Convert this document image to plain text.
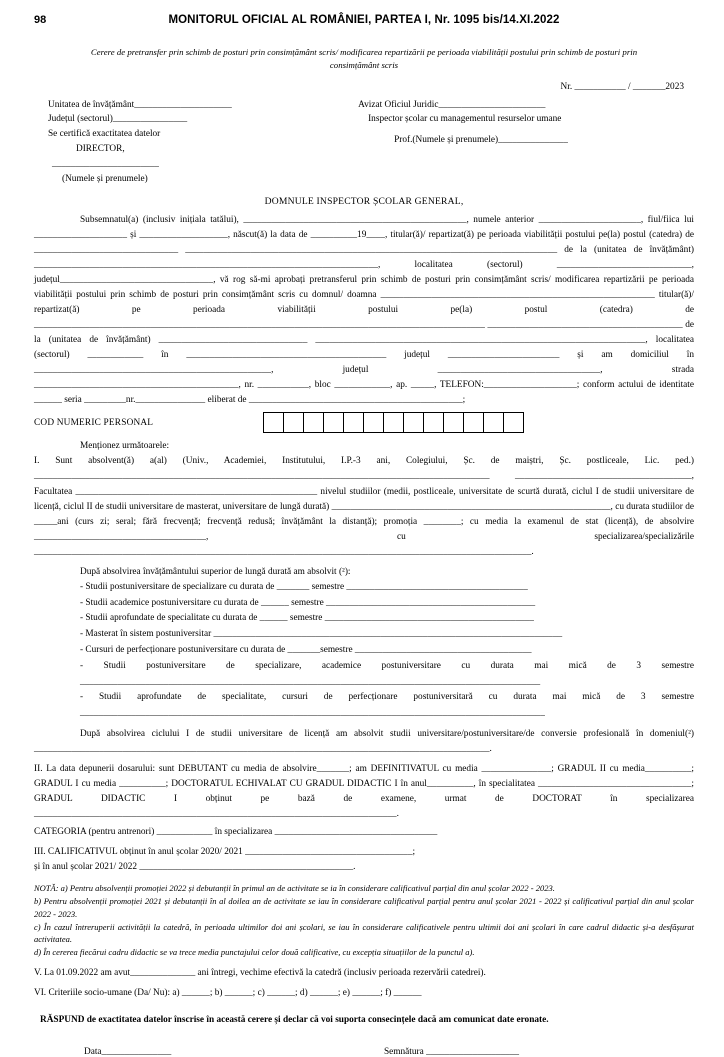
98	MONITORUL OFICIAL AL ROMÂNIEI, PARTEA I, Nr. 1095 bis/14.XI.2022
Cerere de pretransfer prin schimb de posturi prin consimțământ scris/ modificarea repartizării pe perioada viabilității postului prin schimb de posturi prin
consimțământ scris
Nr. ___________ / _______2023
Unitatea de învățământ_____________________
Județul (sectorul)________________
Se certifică exactitatea datelor
DIRECTOR,
_______________________
(Numele și prenumele)
Avizat Oficiul Juridic_______________________
Inspector școlar cu managementul resurselor umane
Prof.(Numele și prenumele)_______________
DOMNULE INSPECTOR ȘCOLAR GENERAL,
Subsemnatul(a) (inclusiv inițiala tatălui), ________________________________________________, numele anterior ______________________, fiul/fiica lui ____________________ și ___________________, născut(ă) la data de __________19____, titular(ă)/ repartizat(ă) pe perioada viabilității postului pe(la) postul (catedra) de _______________________________ ________________________________________________________________________________ de la (unitatea de învățământ) __________________________________________________________________________, localitatea (sectorul) _____________________________, județul_________________________________, vă rog să-mi aprobați pretransferul prin schimb de posturi prin consimțământ scris/ modificarea repartizării pe perioada viabilității postului prin schimb de posturi prin consimțământ scris cu domnul/ doamna ___________________________________________________________ titular(ă)/ repartizat(ă) pe perioada viabilității postului pe(la) postul (catedra) de _________________________________________________________________________________________________ __________________________________________ de la (unitatea de învățământ) ________________________________ _______________________________________________________________________, localitatea (sectorul) ____________ în ___________________________________________ județul ________________________ și am domiciliul în ___________________________________________________, județul ___________________________________, strada ____________________________________________, nr. ___________, bloc ____________, ap. _____, TELEFON:____________________; conform actului de identitate ______ seria _________nr._______________ eliberat de ______________________________________________;
COD NUMERIC PERSONAL
Menționez următoarele:
I. Sunt absolvent(ă) a(al) (Univ., Academiei, Institutului, I.P.-3 ani, Colegiului, Șc. de maiștri, Șc. postliceale, Lic. ped.) __________________________________________________________________________________________________ ______________________________________, Facultatea ____________________________________________________ nivelul studiilor (medii, postliceale, universitate de scurtă durată, ciclul I de studii universitare de licență, ciclul II de studii universitare de masterat, universitare de lungă durată) ____________________________________________________________, cu durata studiilor de _____ani (curs zi; seral; fără frecvență; frecvență redusă; învățământ la distanță); promoția ________; cu media la examenul de stat (licență), de absolvire _____________________________________, cu specializarea/specializările ___________________________________________________________________________________________________________.
După absolvirea învățământului superior de lungă durată am absolvit (²):
- Studii postuniversitare de specializare cu durata de _______ semestre _______________________________________
- Studii academice postuniversitare cu durata de ______ semestre _____________________________________________
- Studii aprofundate de specialitate cu durata de ______ semestre _____________________________________________
- Masterat în sistem postuniversitar ___________________________________________________________________________
- Cursuri de perfecționare postuniversitare cu durata de _______semestre ______________________________________
- Studii postuniversitare de specializare, academice postuniversitare cu durata mai mică de 3 semestre ___________________________________________________________________________________________________
- Studii aprofundate de specialitate, cursuri de perfecționare postuniversitară cu durata mai mică de 3 semestre ____________________________________________________________________________________________________
După absolvirea ciclului I de studii universitare de licență am absolvit studii universitare/postuniversitare/de conversie profesională în domeniul(²) __________________________________________________________________________________________________.
II. La data depunerii dosarului: sunt DEBUTANT cu media de absolvire_______; am DEFINITIVATUL cu media _______________; GRADUL II cu media__________; GRADUL I cu media __________; DOCTORATUL ECHIVALAT CU GRADUL DIDACTIC I în anul__________, în specialitatea _________________________________; GRADUL DIDACTIC I obținut pe bază de examene, urmat de DOCTORAT în specializarea ______________________________________________________________________________.
CATEGORIA (pentru antrenori) ____________ în specializarea ___________________________________
III. CALIFICATIVUL obținut în anul școlar 2020/ 2021 ____________________________________;
și în anul școlar 2021/ 2022 ______________________________________________.
NOTĂ: a) Pentru absolvenții promoției 2022 și debutanții în primul an de activitate se ia în considerare calificativul parțial din anul școlar 2022 - 2023.
b) Pentru absolvenții promoției 2021 și debutanții în al doilea an de activitate se iau în considerare calificativul parțial pentru anul școlar 2021 - 2022 și calificativul parțial din anul școlar 2022 - 2023.
c) În cazul întreruperii activității la catedră, în perioada ultimilor doi ani școlari, se iau în considerare calificativele pentru ultimii doi ani școlari în care cadrul didactic și-a desfășurat activitatea.
d) În cererea fiecărui cadru didactic se va trece media punctajului celor două calificative, cu excepția situațiilor de la punctul a).
V. La 01.09.2022 am avut______________ ani întregi, vechime efectivă la catedră (inclusiv perioada rezervării catedrei).
VI. Criteriile socio-umane (Da/ Nu): a) ______; b) ______; c) ______; d) ______; e) ______; f) ______
RĂSPUND de exactitatea datelor înscrise în această cerere și declar că voi suporta consecințele dacă am comunicat date eronate.
Data_______________	Semnătura ____________________
